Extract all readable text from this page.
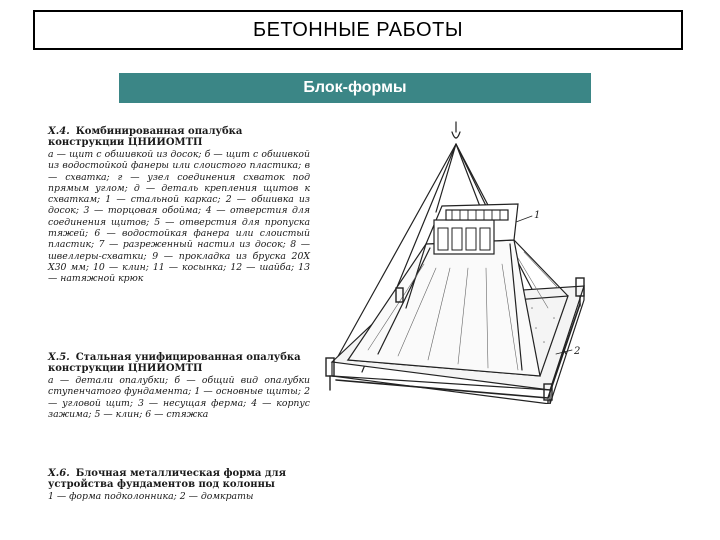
БЕТОННЫЕ РАБОТЫ
Блок-формы
X.4. Комбинированная опалубка конструкции ЦНИИОМТП
а — щит с обшивкой из досок; б — щит с обшивкой из водостойкой фанеры или слоистого пластика; в — схватка; г — узел соединения схваток под прямым углом; д — деталь крепления щитов к схваткам; 1 — стальной каркас; 2 — обшивка из досок; 3 — торцовая обойма; 4 — отверстия для соединения щитов; 5 — отверстия для пропуска тяжей; 6 — водостойкая фанера или слоистый пластик; 7 — разреженный настил из досок; 8 — швеллеры-схватки; 9 — прокладка из бруска 20Х Х30 мм; 10 — клин; 11 — косынка; 12 — шайба; 13 — натяжной крюк
X.5. Стальная унифицированная опалубка конструкции ЦНИИОМТП
а — детали опалубки; б — общий вид опалубки ступенчатого фундамента; 1 — основные щиты; 2 — угловой щит; 3 — несущая ферма; 4 — корпус зажима; 5 — клин; 6 — стяжка
X.6. Блочная металлическая форма для устройства фундаментов под колонны
1 — форма подколонника; 2 — домкраты
1
2
